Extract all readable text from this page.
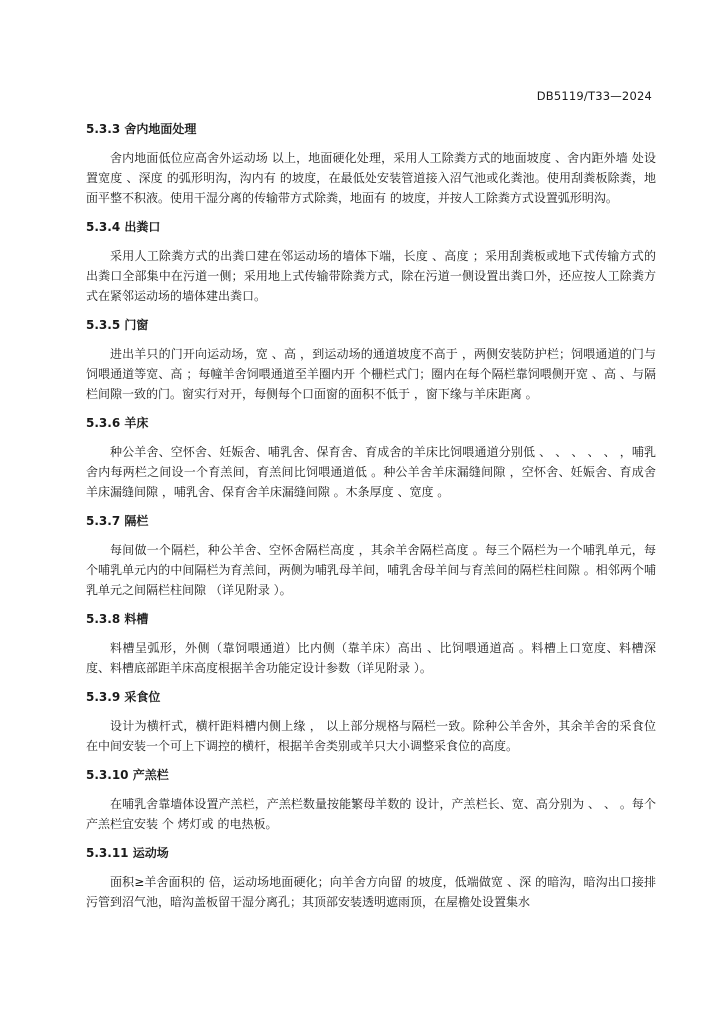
DB5119/T33—2024
5.3.3 舍内地面处理
舍内地面低位应高舍外运动场 以上，地面硬化处理，采用人工除粪方式的地面坡度 、舍内距外墙 处设置宽度 、深度 的弧形明沟，沟内有 的坡度，在最低处安装管道接入沼气池或化粪池。使用刮粪板除粪，地面平整不积液。使用干湿分离的传输带方式除粪，地面有 的坡度，并按人工除粪方式设置弧形明沟。
5.3.4 出粪口
采用人工除粪方式的出粪口建在邻运动场的墙体下端，长度 、高度 ；采用刮粪板或地下式传输方式的出粪口全部集中在污道一侧；采用地上式传输带除粪方式，除在污道一侧设置出粪口外，还应按人工除粪方式在紧邻运动场的墙体建出粪口。
5.3.5 门窗
进出羊只的门开向运动场，宽 、高 ，到运动场的通道坡度不高于 ，两侧安装防护栏；饲喂通道的门与饲喂通道等宽、高 ；每幢羊舍饲喂通道至羊圈内开 个栅栏式门；圈内在每个隔栏靠饲喂侧开宽 、高 、与隔栏间隙一致的门。窗实行对开，每侧每个口面窗的面积不低于 ，窗下缘与羊床距离 。
5.3.6 羊床
种公羊舍、空怀舍、妊娠舍、哺乳舍、保育舍、育成舍的羊床比饲喂通道分别低 、 、 、 、 、 ，哺乳舍内每两栏之间设一个育羔间，育羔间比饲喂通道低 。种公羊舍羊床漏缝间隙 ，空怀舍、妊娠舍、育成舍羊床漏缝间隙 ，哺乳舍、保育舍羊床漏缝间隙 。木条厚度 、宽度 。
5.3.7 隔栏
每间做一个隔栏，种公羊舍、空怀舍隔栏高度 ，其余羊舍隔栏高度 。每三个隔栏为一个哺乳单元，每个哺乳单元内的中间隔栏为育羔间，两侧为哺乳母羊间，哺乳舍母羊间与育羔间的隔栏柱间隙 。相邻两个哺乳单元之间隔栏柱间隙 （详见附录 ）。
5.3.8 料槽
料槽呈弧形，外侧（靠饲喂通道）比内侧（靠羊床）高出 、比饲喂通道高 。料槽上口宽度、料槽深度、料槽底部距羊床高度根据羊舍功能定设计参数（详见附录 ）。
5.3.9 采食位
设计为横杆式，横杆距料槽内侧上缘 ， 以上部分规格与隔栏一致。除种公羊舍外，其余羊舍的采食位在中间安装一个可上下调控的横杆，根据羊舍类别或羊只大小调整采食位的高度。
5.3.10 产羔栏
在哺乳舍靠墙体设置产羔栏，产羔栏数量按能繁母羊数的 设计，产羔栏长、宽、高分别为 、 、 。每个产羔栏宜安装 个 烤灯或 的电热板。
5.3.11 运动场
面积≥羊舍面积的 倍，运动场地面硬化；向羊舍方向留 的坡度，低端做宽 、深 的暗沟，暗沟出口接排污管到沼气池，暗沟盖板留干湿分离孔；其顶部安装透明遮雨顶，在屋檐处设置集水
